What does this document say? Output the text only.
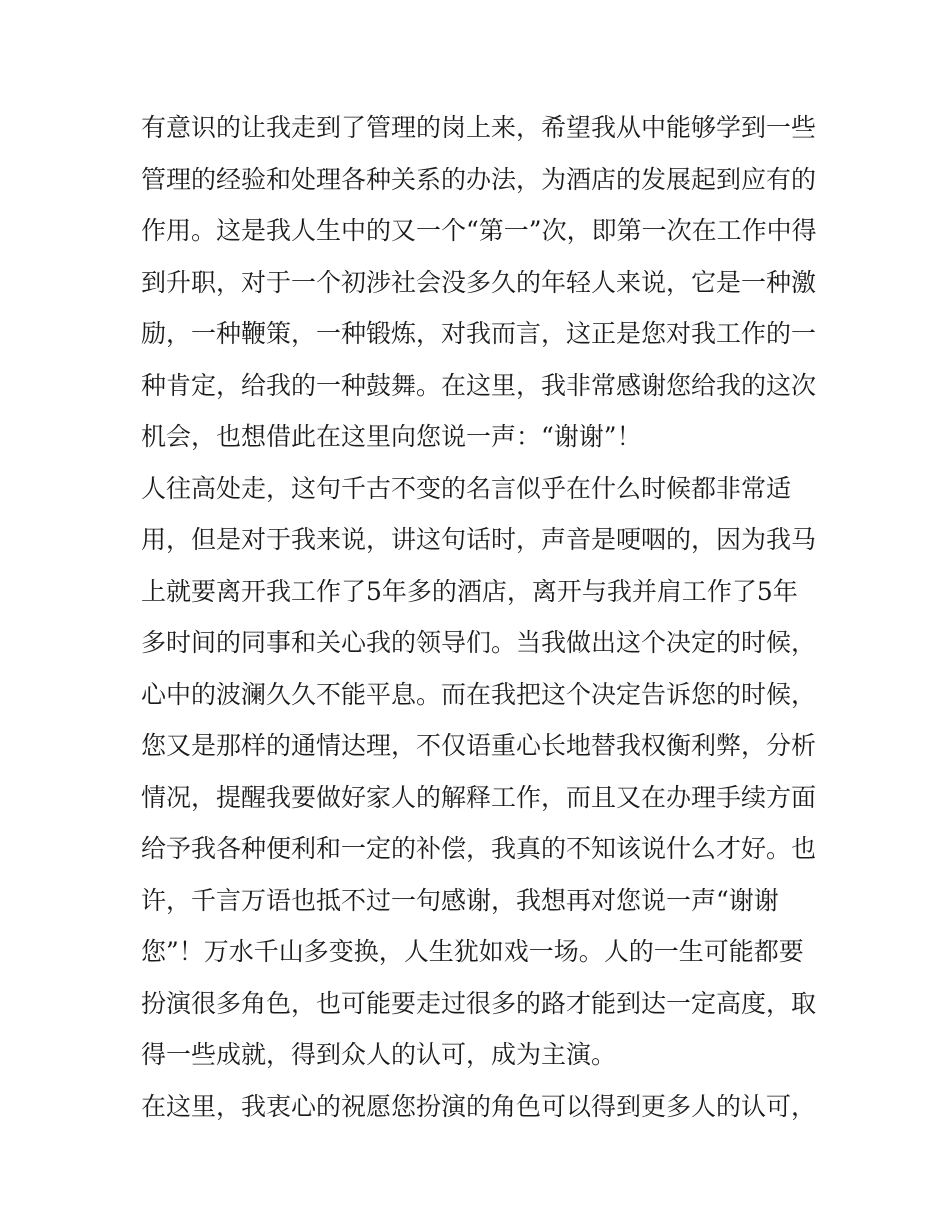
有意识的让我走到了管理的岗上来，希望我从中能够学到一些
管理的经验和处理各种关系的办法，为酒店的发展起到应有的
作用。这是我人生中的又一个“第一”次，即第一次在工作中得
到升职，对于一个初涉社会没多久的年轻人来说，它是一种激
励，一种鞭策，一种锻炼，对我而言，这正是您对我工作的一
种肯定，给我的一种鼓舞。在这里，我非常感谢您给我的这次
机会，也想借此在这里向您说一声：“谢谢”！
人往高处走，这句千古不变的名言似乎在什么时候都非常适
用，但是对于我来说，讲这句话时，声音是哽咽的，因为我马
上就要离开我工作了5年多的酒店，离开与我并肩工作了5年
多时间的同事和关心我的领导们。当我做出这个决定的时候，
心中的波澜久久不能平息。而在我把这个决定告诉您的时候，
您又是那样的通情达理，不仅语重心长地替我权衡利弊，分析
情况，提醒我要做好家人的解释工作，而且又在办理手续方面
给予我各种便利和一定的补偿，我真的不知该说什么才好。也
许，千言万语也抵不过一句感谢，我想再对您说一声“谢谢
您”！万水千山多变换，人生犹如戏一场。人的一生可能都要
扮演很多角色，也可能要走过很多的路才能到达一定高度，取
得一些成就，得到众人的认可，成为主演。
在这里，我衷心的祝愿您扮演的角色可以得到更多人的认可，
